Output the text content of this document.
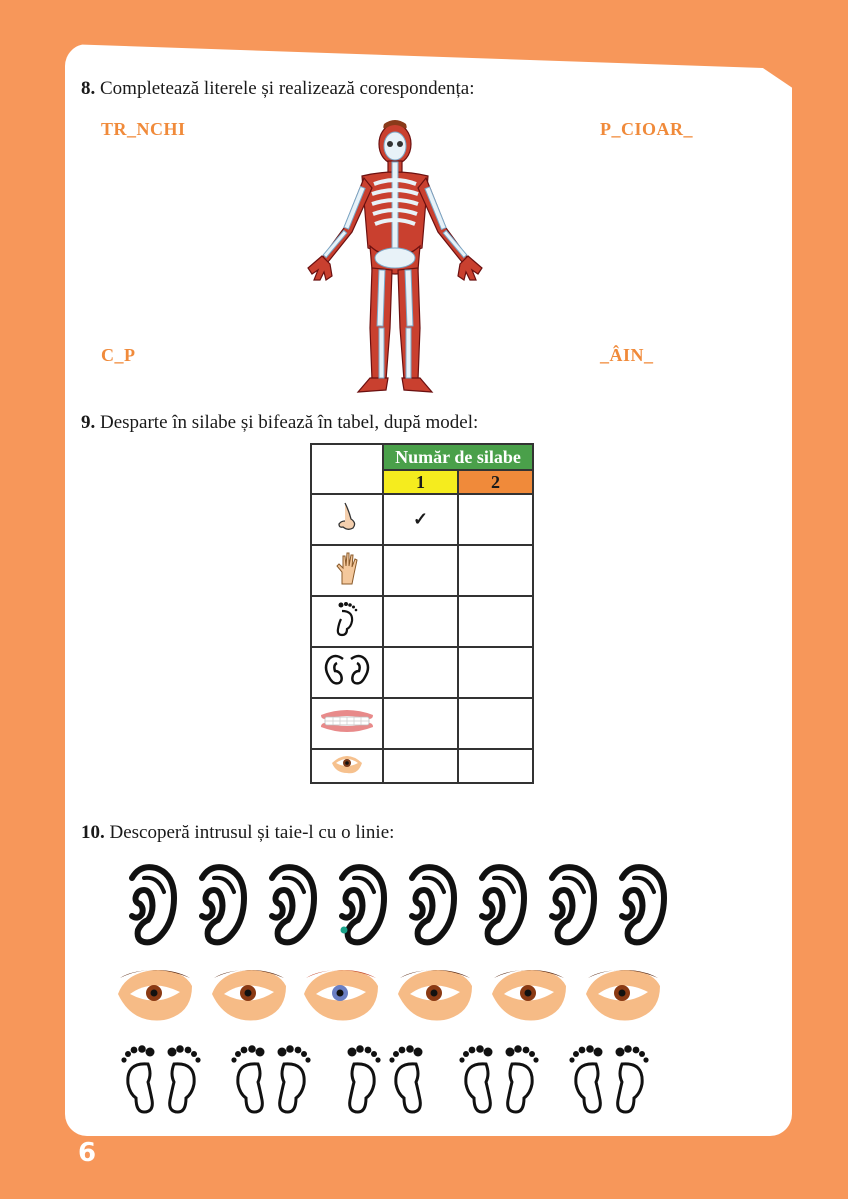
8. Completează literele și realizează corespondența:
TR_NCHI	P_CIOAR_
C_P	_ÂIN_
9. Desparte în silabe și bifează în tabel, după model:
	Număr de silabe	
	1	2
	✓	

10. Descoperă intrusul și taie-l cu o linie:
6
